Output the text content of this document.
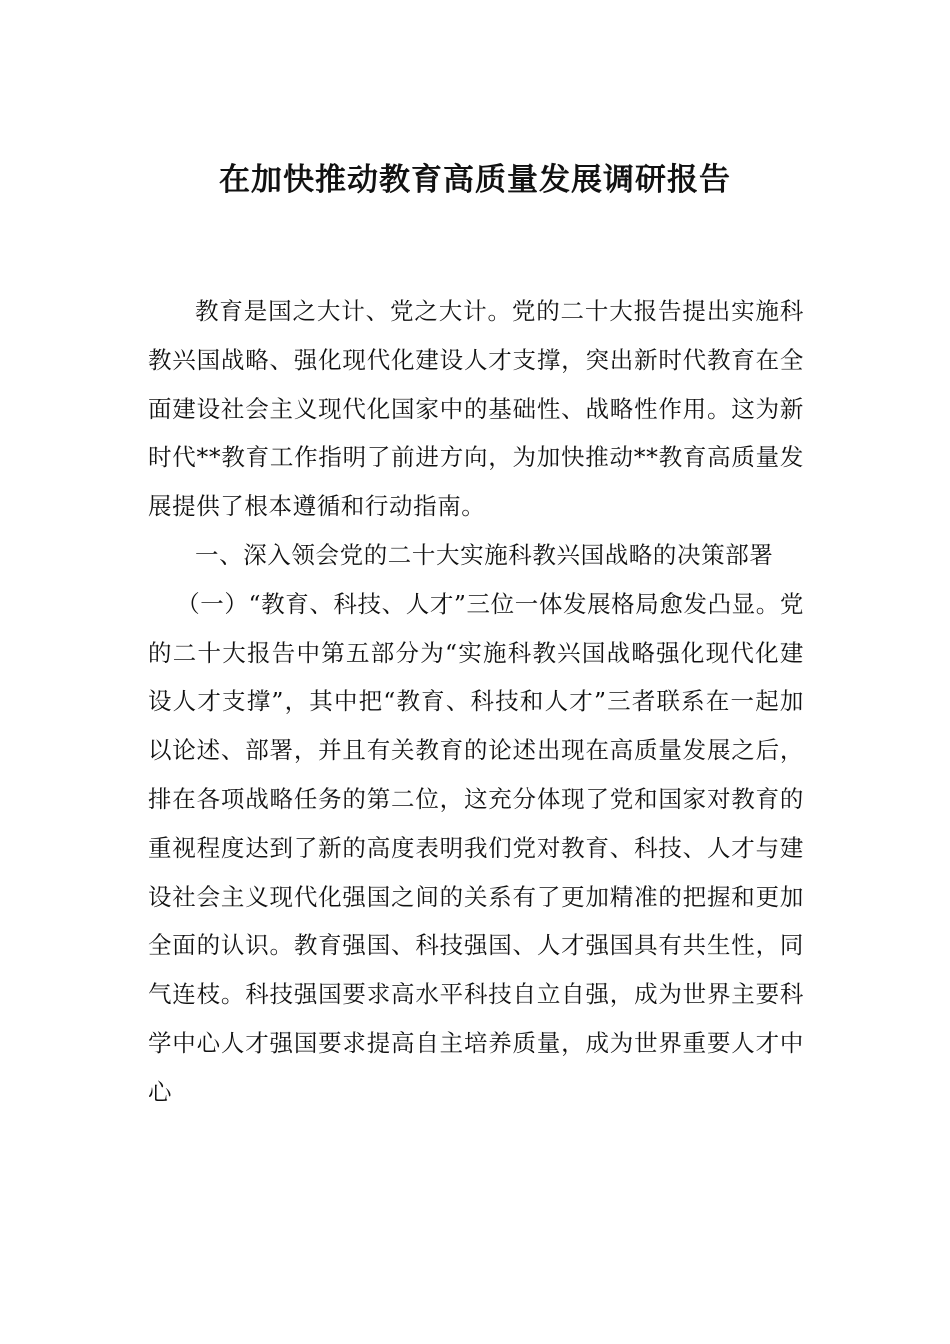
在加快推动教育高质量发展调研报告

教育是国之大计、党之大计。党的二十大报告提出实施科教兴国战略、强化现代化建设人才支撑，突出新时代教育在全面建设社会主义现代化国家中的基础性、战略性作用。这为新时代**教育工作指明了前进方向，为加快推动**教育高质量发展提供了根本遵循和行动指南。

一、深入领会党的二十大实施科教兴国战略的决策部署

（一）“教育、科技、人才”三位一体发展格局愈发凸显。党的二十大报告中第五部分为“实施科教兴国战略强化现代化建设人才支撑”，其中把“教育、科技和人才”三者联系在一起加以论述、部署，并且有关教育的论述出现在高质量发展之后，排在各项战略任务的第二位，这充分体现了党和国家对教育的重视程度达到了新的高度表明我们党对教育、科技、人才与建设社会主义现代化强国之间的关系有了更加精准的把握和更加全面的认识。教育强国、科技强国、人才强国具有共生性，同气连枝。科技强国要求高水平科技自立自强，成为世界主要科学中心人才强国要求提高自主培养质量，成为世界重要人才中心
